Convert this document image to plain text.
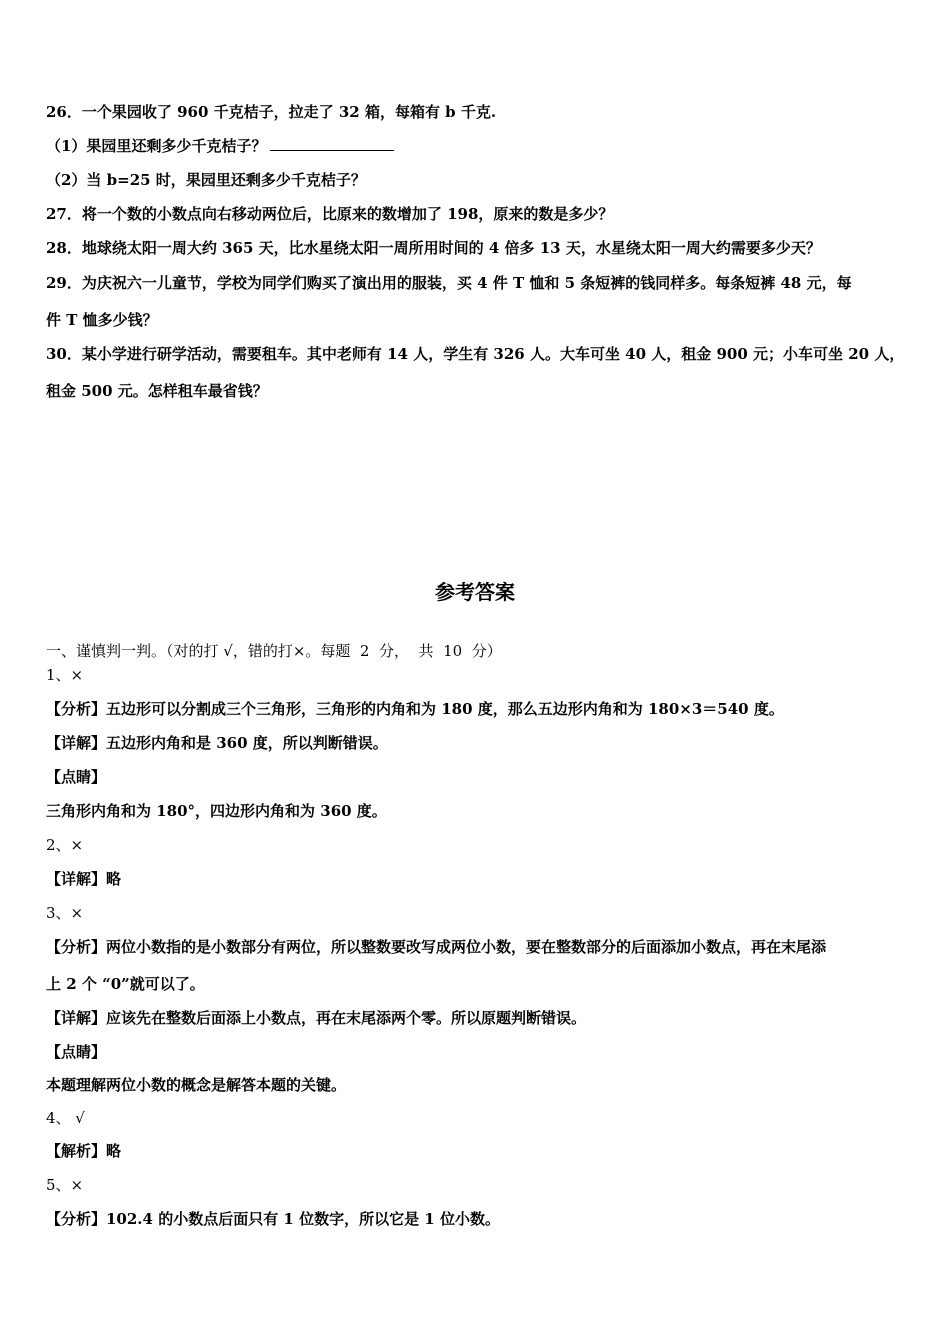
26．一个果园收了 960 千克桔子，拉走了 32 箱，每箱有 b 千克.
（1）果园里还剩多少千克桔子？
（2）当 b=25 时，果园里还剩多少千克桔子？
27．将一个数的小数点向右移动两位后，比原来的数增加了 198，原来的数是多少？
28．地球绕太阳一周大约 365 天，比水星绕太阳一周所用时间的 4 倍多 13 天，水星绕太阳一周大约需要多少天？
29．为庆祝六一儿童节，学校为同学们购买了演出用的服装，买 4 件 T 恤和 5 条短裤的钱同样多。每条短裤 48 元，每
件 T 恤多少钱？
30．某小学进行研学活动，需要租车。其中老师有 14 人，学生有 326 人。大车可坐 40 人，租金 900 元；小车可坐 20 人，
租金 500 元。怎样租车最省钱？
参考答案
一、谨慎判一判。（对的打 √，错的打×。每题  2  分，  共  10  分）
1、×
【分析】五边形可以分割成三个三角形，三角形的内角和为 180 度，那么五边形内角和为 180×3＝540 度。
【详解】五边形内角和是 360 度，所以判断错误。
【点睛】
三角形内角和为 180°，四边形内角和为 360 度。
2、×
【详解】略
3、×
【分析】两位小数指的是小数部分有两位，所以整数要改写成两位小数，要在整数部分的后面添加小数点，再在末尾添
上 2 个 “0”就可以了。
【详解】应该先在整数后面添上小数点，再在末尾添两个零。所以原题判断错误。
【点睛】
本题理解两位小数的概念是解答本题的关键。
4、 √
【解析】略
5、×
【分析】102.4 的小数点后面只有 1 位数字，所以它是 1 位小数。
